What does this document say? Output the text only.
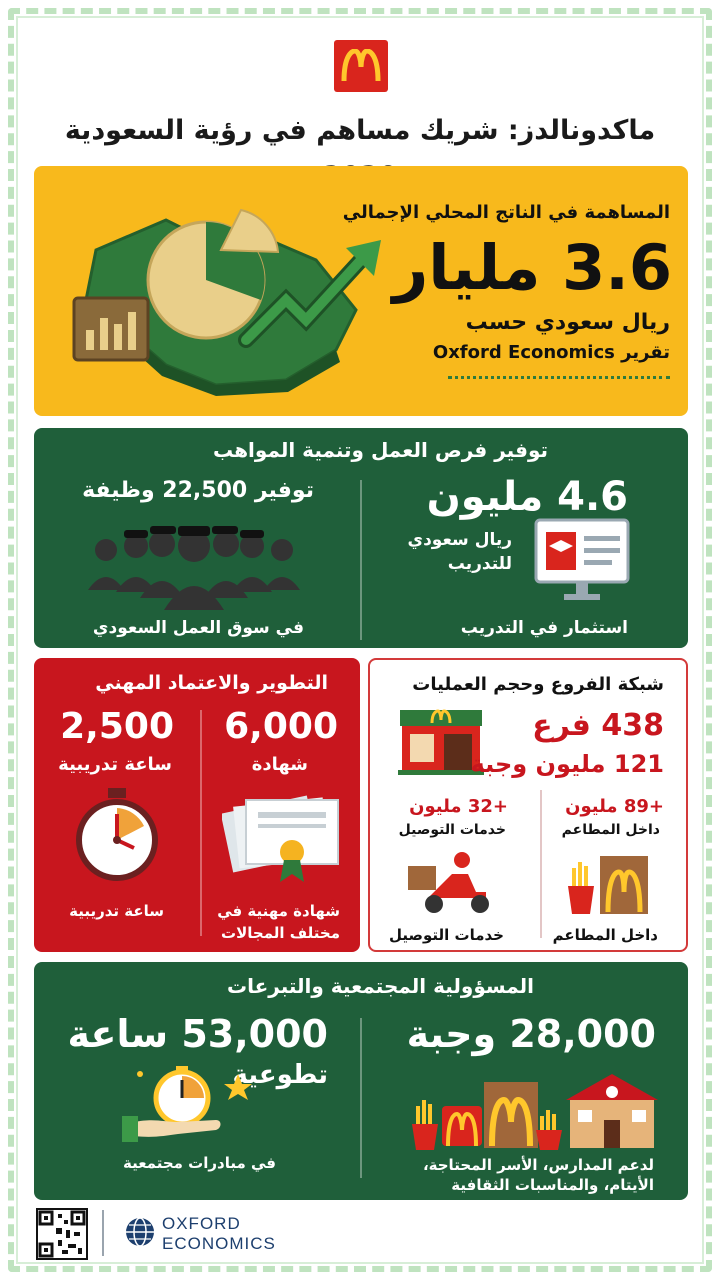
ماكدونالدز: شريك مساهم في رؤية السعودية
المساهمة في الناتج المحلي الإجمالي
3.6 مليار
ريال سعودي حسب
تقرير Oxford Economics
توفير فرص العمل وتنمية المواهب
4.6 مليون
ريال سعودي
للتدريب
استثمار في التدريب
توفير 22,500 وظيفة
في سوق العمل السعودي
التطوير والاعتماد المهني
6,000
شهادة
شهادة مهنية في
مختلف المجالات
2,500
ساعة تدريبية
ساعة تدريبية
شبكة الفروع وحجم العمليات
438 فرع
121 مليون وجبة
+89 مليون
داخل المطاعم
داخل المطاعم
+32 مليون
خدمات التوصيل
خدمات التوصيل
المسؤولية المجتمعية والتبرعات
28,000 وجبة
لدعم المدارس، الأسر المحتاجة،
الأيتام، والمناسبات الثقافية
53,000 ساعة
تطوعية
في مبادرات مجتمعية
OXFORD
ECONOMICS
